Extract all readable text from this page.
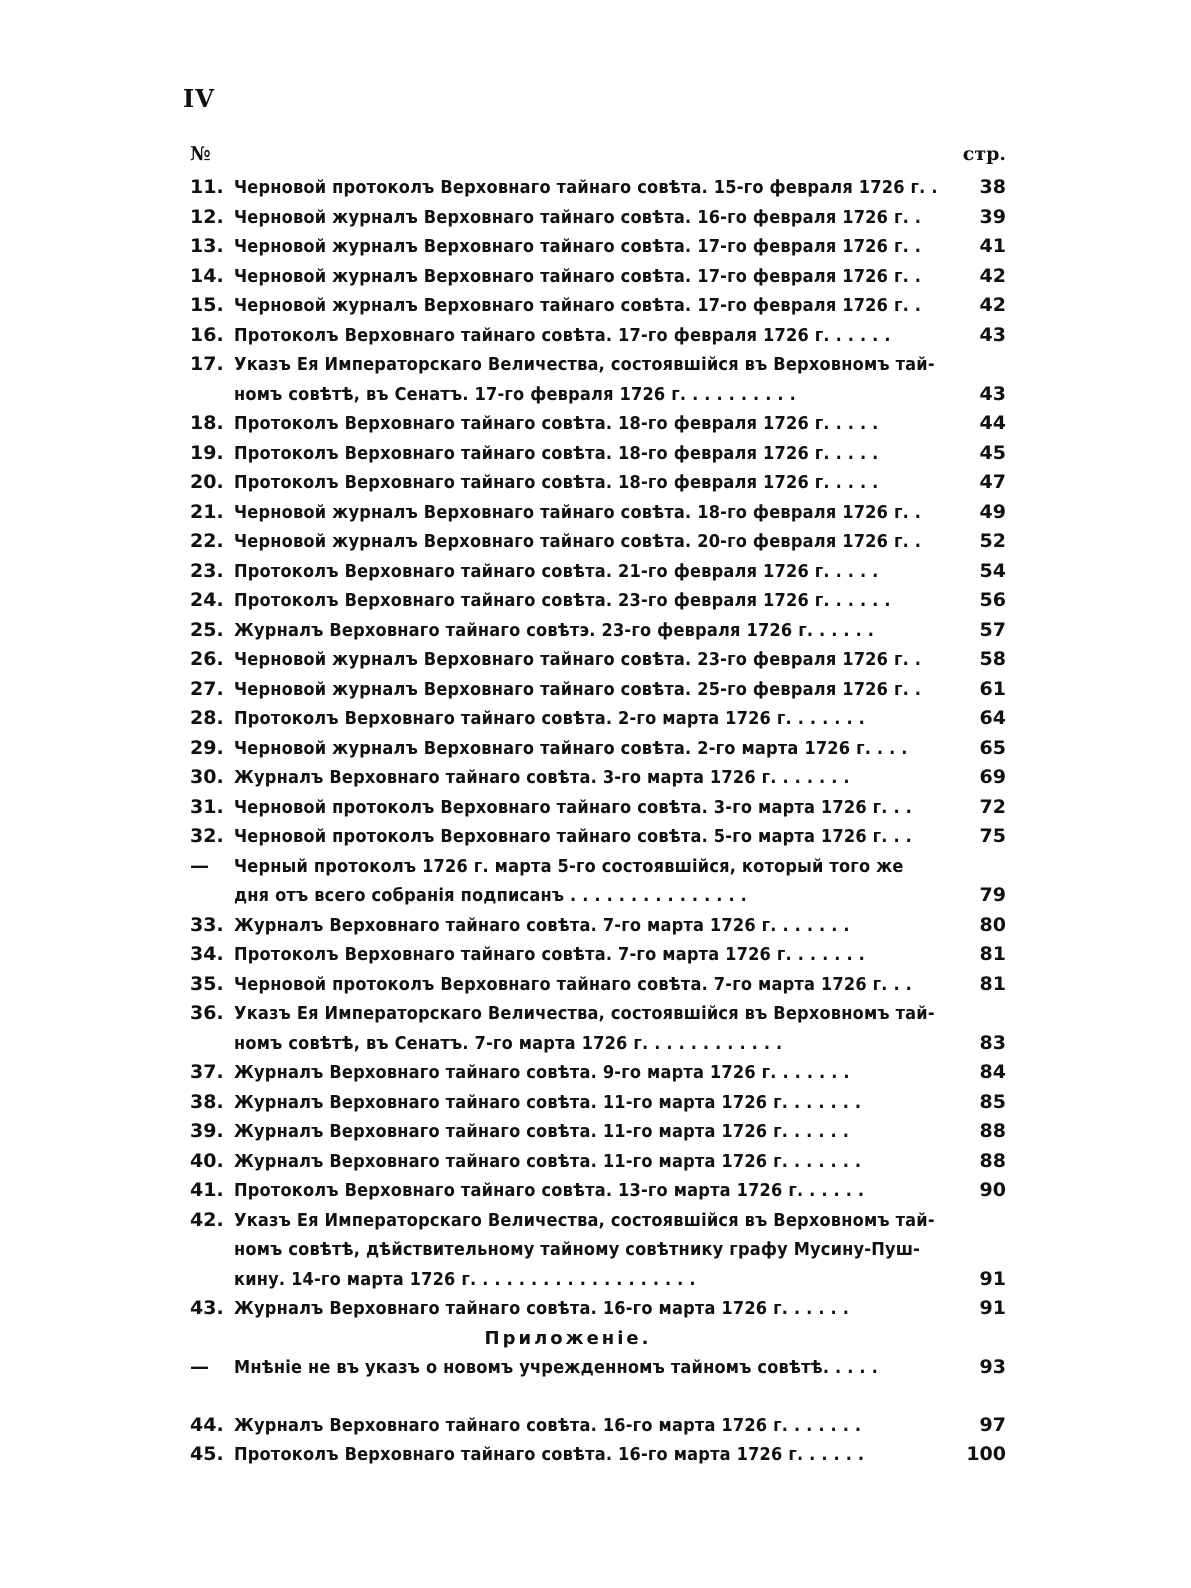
IV
№	стр.
11. Черновой протоколъ Верховнаго тайнаго совѣта. 15-го февраля 1726 г. .	38
12. Черновой журналъ Верховнаго тайнаго совѣта. 16-го февраля 1726 г. .	39
13. Черновой журналъ Верховнаго тайнаго совѣта. 17-го февраля 1726 г. .	41
14. Черновой журналъ Верховнаго тайнаго совѣта. 17-го февраля 1726 г. .	42
15. Черновой журналъ Верховнаго тайнаго совѣта. 17-го февраля 1726 г. .	42
16. Протоколъ Верховнаго тайнаго совѣта. 17-го февраля 1726 г. . . . . .	43
17. Указъ Ея Императорскаго Величества, состоявшійся въ Верховномъ тай-
номъ совѣтѣ, въ Сенатъ. 17-го февраля 1726 г. . . . . . . . . .	43
18. Протоколъ Верховнаго тайнаго совѣта. 18-го февраля 1726 г. . . . .	44
19. Протоколъ Верховнаго тайнаго совѣта. 18-го февраля 1726 г. . . . .	45
20. Протоколъ Верховнаго тайнаго совѣта. 18-го февраля 1726 г. . . . .	47
21. Черновой журналъ Верховнаго тайнаго совѣта. 18-го февраля 1726 г. .	49
22. Черновой журналъ Верховнаго тайнаго совѣта. 20-го февраля 1726 г. .	52
23. Протоколъ Верховнаго тайнаго совѣта. 21-го февраля 1726 г. . . . .	54
24. Протоколъ Верховнаго тайнаго совѣта. 23-го февраля 1726 г. . . . . .	56
25. Журналъ Верховнаго тайнаго совѣтэ. 23-го февраля 1726 г. . . . . .	57
26. Черновой журналъ Верховнаго тайнаго совѣта. 23-го февраля 1726 г. .	58
27. Черновой журналъ Верховнаго тайнаго совѣта. 25-го февраля 1726 г. .	61
28. Протоколъ Верховнаго тайнаго совѣта. 2-го марта 1726 г. . . . . . .	64
29. Черновой журналъ Верховнаго тайнаго совѣта. 2-го марта 1726 г. . . .	65
30. Журналъ Верховнаго тайнаго совѣта. 3-го марта 1726 г. . . . . . .	69
31. Черновой протоколъ Верховнаго тайнаго совѣта. 3-го марта 1726 г. . .	72
32. Черновой протоколъ Верховнаго тайнаго совѣта. 5-го марта 1726 г. . .	75
—	Черный протоколъ 1726 г. марта 5-го состоявшійся, который того же
дня отъ всего собранія подписанъ . . . . . . . . . . . . . . .	79
33. Журналъ Верховнаго тайнаго совѣта. 7-го марта 1726 г. . . . . . .	80
34. Протоколъ Верховнаго тайнаго совѣта. 7-го марта 1726 г. . . . . . .	81
35. Черновой протоколъ Верховнаго тайнаго совѣта. 7-го марта 1726 г. . .	81
36. Указъ Ея Императорскаго Величества, состоявшійся въ Верховномъ тай-
номъ совѣтѣ, въ Сенатъ. 7-го марта 1726 г. . . . . . . . . . . .	83
37. Журналъ Верховнаго тайнаго совѣта. 9-го марта 1726 г. . . . . . .	84
38. Журналъ Верховнаго тайнаго совѣта. 11-го марта 1726 г. . . . . . .	85
39. Журналъ Верховнаго тайнаго совѣта. 11-го марта 1726 г. . . . . .	88
40. Журналъ Верховнаго тайнаго совѣта. 11-го марта 1726 г. . . . . . .	88
41. Протоколъ Верховнаго тайнаго совѣта. 13-го марта 1726 г. . . . . .	90
42. Указъ Ея Императорскаго Величества, состоявшійся въ Верховномъ тай-
номъ совѣтѣ, дѣйствительному тайному совѣтнику графу Мусину-Пуш-
кину. 14-го марта 1726 г. . . . . . . . . . . . . . . . . . .	91
43. Журналъ Верховнаго тайнаго совѣта. 16-го марта 1726 г. . . . . .	91
Приложеніе.
—	Мнѣніе не въ указъ о новомъ учрежденномъ тайномъ совѣтѣ. . . . .	93
44. Журналъ Верховнаго тайнаго совѣта. 16-го марта 1726 г. . . . . . .	97
45. Протоколъ Верховнаго тайнаго совѣта. 16-го марта 1726 г. . . . . .	100
